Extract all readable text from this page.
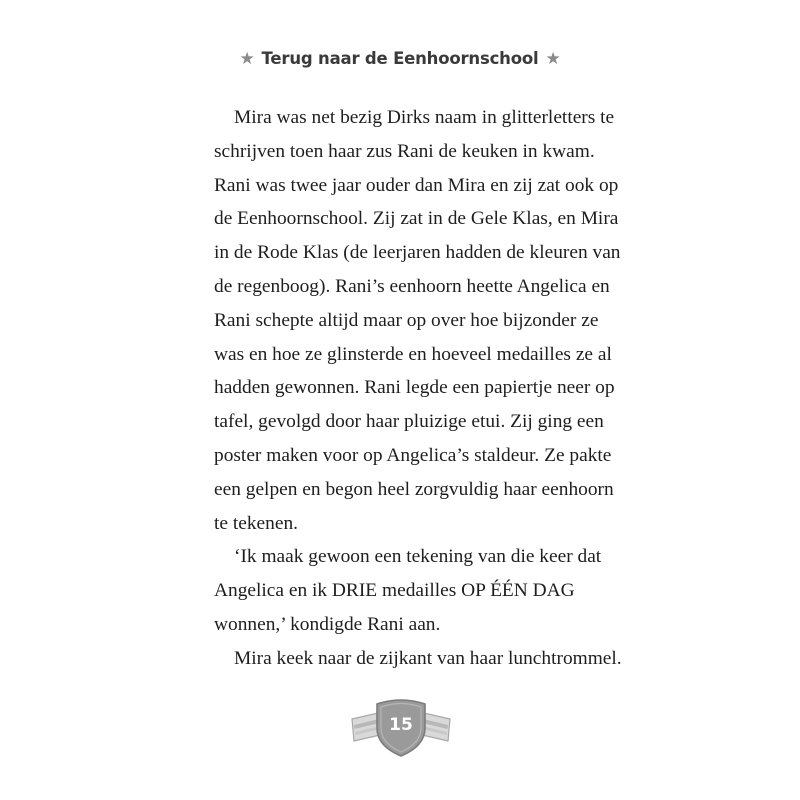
★ Terug naar de Eenhoornschool ★
Mira was net bezig Dirks naam in glitterletters te
schrijven toen haar zus Rani de keuken in kwam.
Rani was twee jaar ouder dan Mira en zij zat ook op
de Eenhoornschool. Zij zat in de Gele Klas, en Mira
in de Rode Klas (de leerjaren hadden de kleuren van
de regenboog). Rani’s eenhoorn heette Angelica en
Rani schepte altijd maar op over hoe bijzonder ze
was en hoe ze glinsterde en hoeveel medailles ze al
hadden gewonnen. Rani legde een papiertje neer op
tafel, gevolgd door haar pluizige etui. Zij ging een
poster maken voor op Angelica’s staldeur. Ze pakte
een gelpen en begon heel zorgvuldig haar eenhoorn
te tekenen.
‘Ik maak gewoon een tekening van die keer dat
Angelica en ik DRIE medailles OP ÉÉN DAG
wonnen,’ kondigde Rani aan.
Mira keek naar de zijkant van haar lunchtrommel.
15
